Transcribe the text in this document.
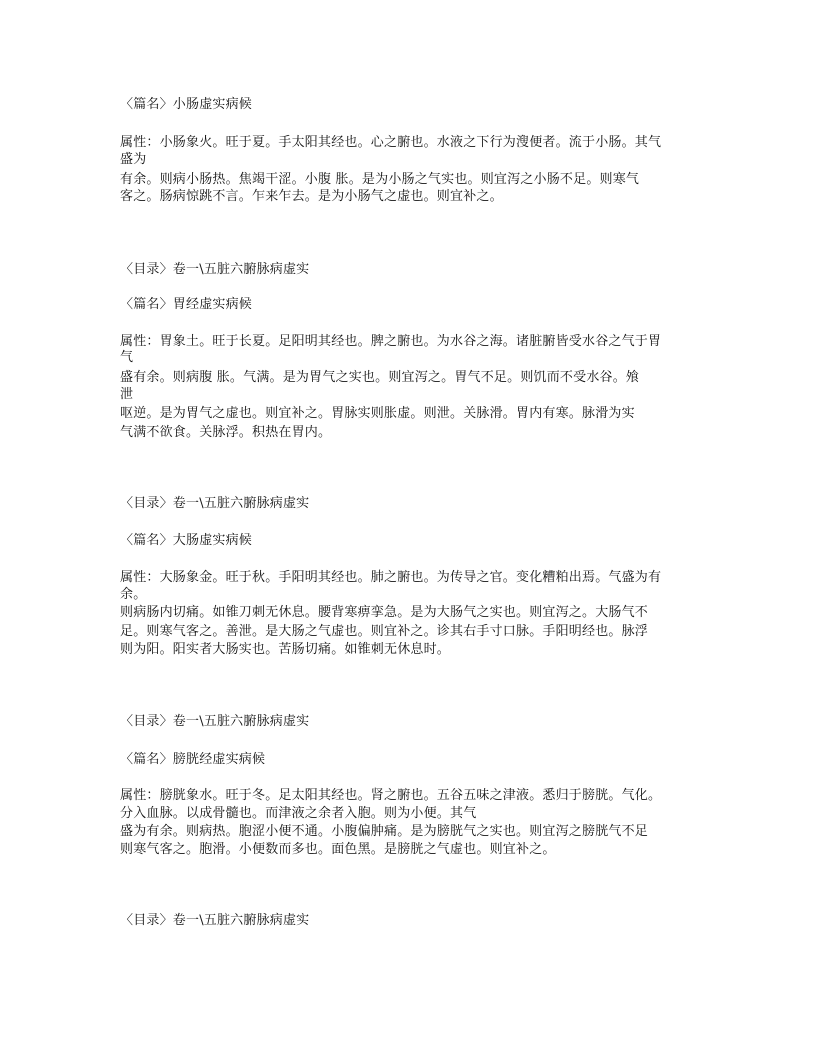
〈篇名〉小肠虚实病候
属性：小肠象火。旺于夏。手太阳其经也。心之腑也。水液之下行为溲便者。流于小肠。其气
盛为
有余。则病小肠热。焦竭干涩。小腹 胀。是为小肠之气实也。则宜泻之小肠不足。则寒气
客之。肠病惊跳不言。乍来乍去。是为小肠气之虚也。则宜补之。
〈目录〉卷一\五脏六腑脉病虚实
〈篇名〉胃经虚实病候
属性：胃象土。旺于长夏。足阳明其经也。脾之腑也。为水谷之海。诸脏腑皆受水谷之气于胃
气
盛有余。则病腹 胀。气满。是为胃气之实也。则宜泻之。胃气不足。则饥而不受水谷。飧
泄
呕逆。是为胃气之虚也。则宜补之。胃脉实则胀虚。则泄。关脉滑。胃内有寒。脉滑为实
气满不欲食。关脉浮。积热在胃内。
〈目录〉卷一\五脏六腑脉病虚实
〈篇名〉大肠虚实病候
属性：大肠象金。旺于秋。手阳明其经也。肺之腑也。为传导之官。变化糟粕出焉。气盛为有
余。
则病肠内切痛。如锥刀刺无休息。腰背寒痹挛急。是为大肠气之实也。则宜泻之。大肠气不
足。则寒气客之。善泄。是大肠之气虚也。则宜补之。诊其右手寸口脉。手阳明经也。脉浮
则为阳。阳实者大肠实也。苦肠切痛。如锥刺无休息时。
〈目录〉卷一\五脏六腑脉病虚实
〈篇名〉膀胱经虚实病候
属性：膀胱象水。旺于冬。足太阳其经也。肾之腑也。五谷五味之津液。悉归于膀胱。气化。
分入血脉。以成骨髓也。而津液之余者入胞。则为小便。其气
盛为有余。则病热。胞涩小便不通。小腹偏肿痛。是为膀胱气之实也。则宜泻之膀胱气不足
则寒气客之。胞滑。小便数而多也。面色黑。是膀胱之气虚也。则宜补之。
〈目录〉卷一\五脏六腑脉病虚实
